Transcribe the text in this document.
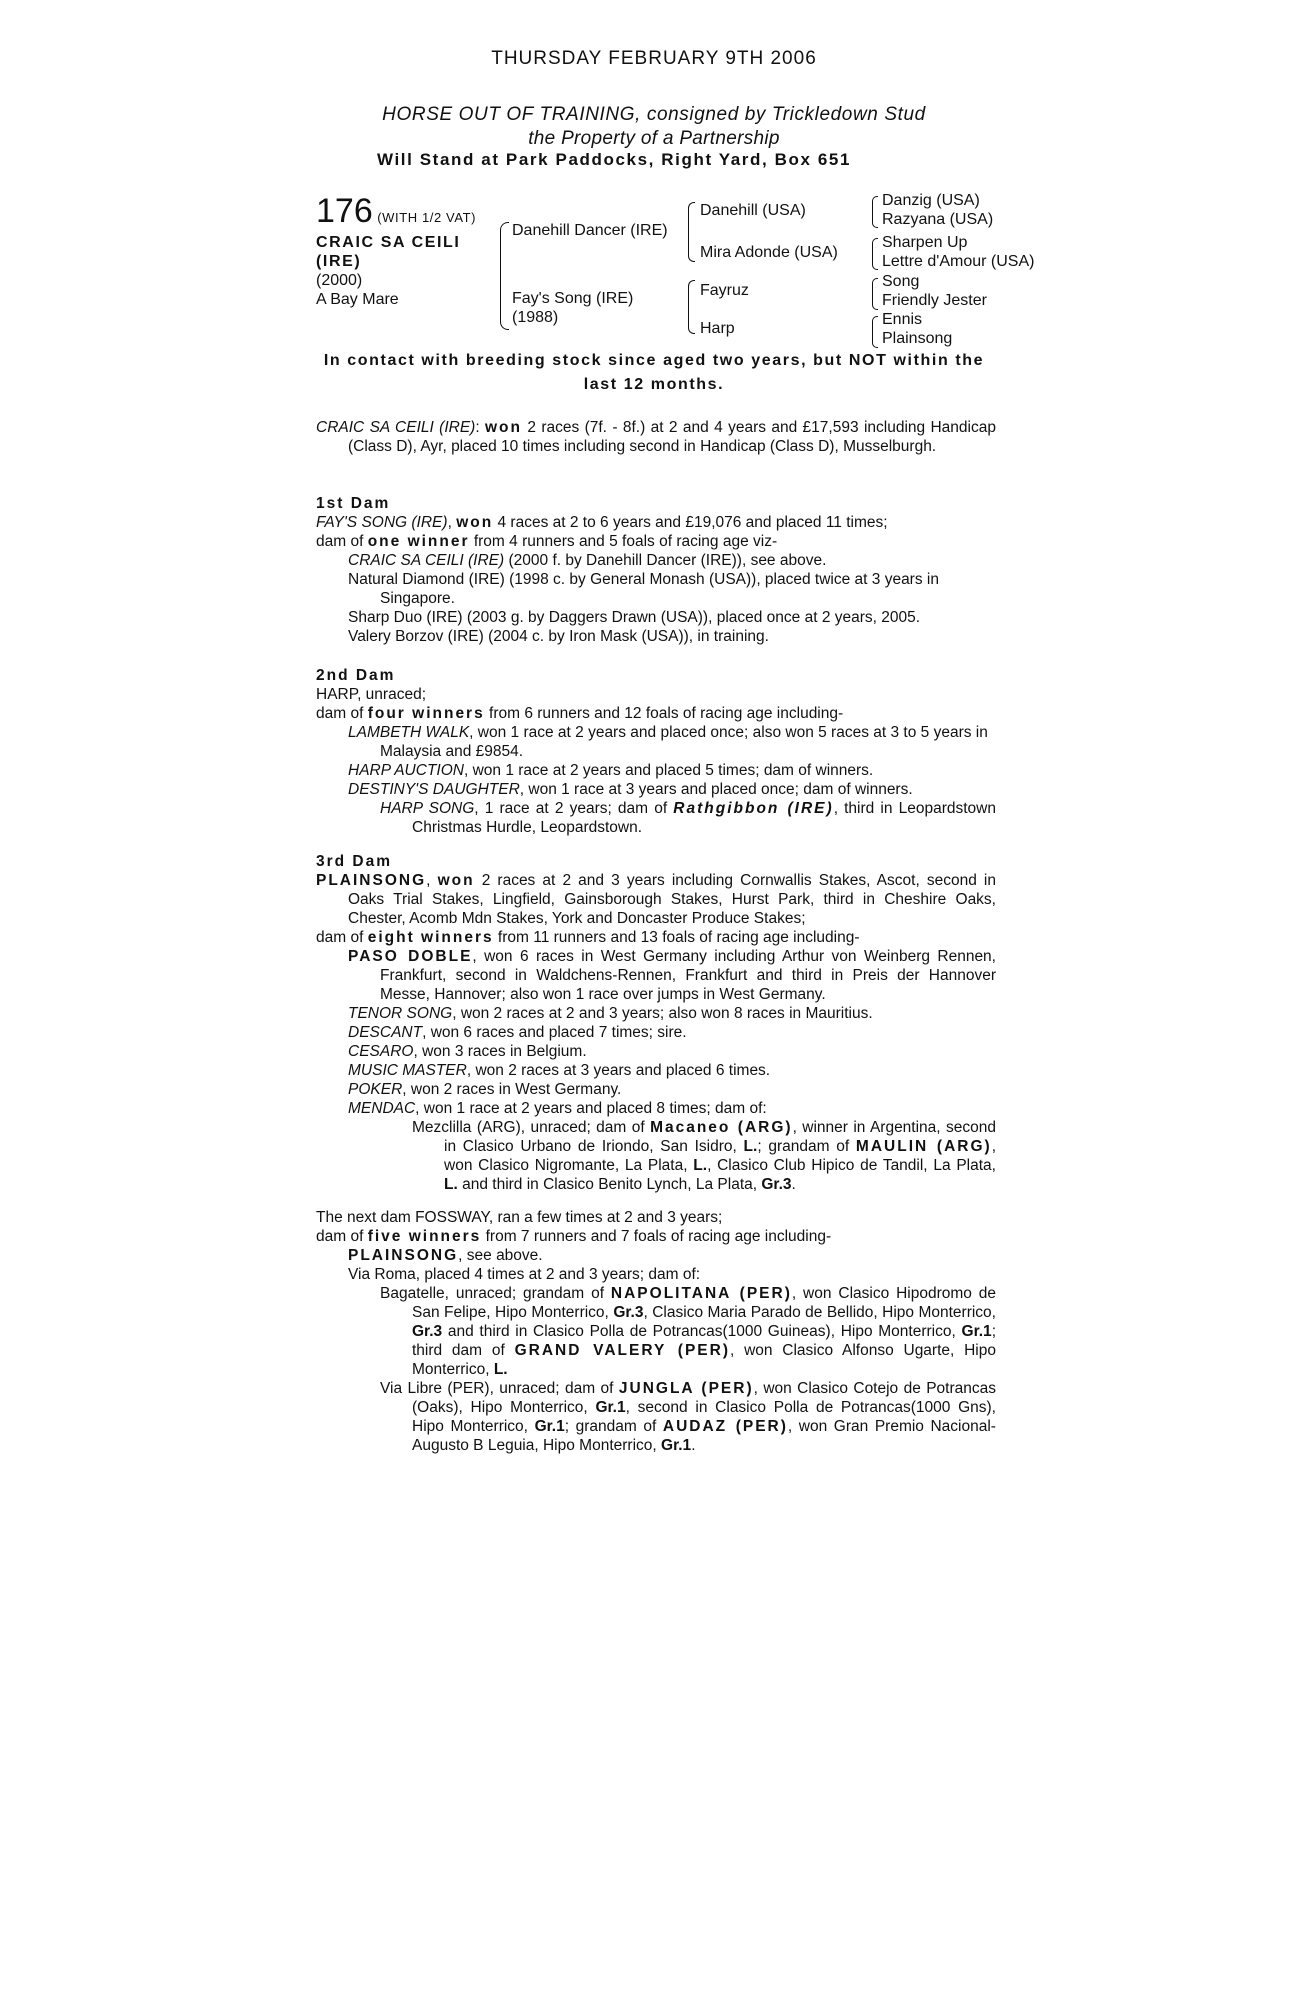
THURSDAY FEBRUARY 9TH 2006
HORSE OUT OF TRAINING, consigned by Trickledown Stud
the Property of a Partnership
Will Stand at Park Paddocks, Right Yard, Box 651
176 (WITH 1/2 VAT)
CRAIC SA CEILI
(IRE)
(2000)
A Bay Mare
Danehill Dancer (IRE)
Fay's Song (IRE)
(1988)
Danehill (USA)
Mira Adonde (USA)
Fayruz
Harp
Danzig (USA)
Razyana (USA)
Sharpen Up
Lettre d'Amour (USA)
Song
Friendly Jester
Ennis
Plainsong
In contact with breeding stock since aged two years, but NOT within the
last 12 months.

CRAIC SA CEILI (IRE): won 2 races (7f. - 8f.) at 2 and 4 years and £17,593 including Handicap (Class D), Ayr, placed 10 times including second in Handicap (Class D), Musselburgh.

1st Dam

FAY'S SONG (IRE), won 4 races at 2 to 6 years and £19,076 and placed 11 times;

dam of one winner from 4 runners and 5 foals of racing age viz-

CRAIC SA CEILI (IRE) (2000 f. by Danehill Dancer (IRE)), see above.

Natural Diamond (IRE) (1998 c. by General Monash (USA)), placed twice at 3 years in Singapore.

Sharp Duo (IRE) (2003 g. by Daggers Drawn (USA)), placed once at 2 years, 2005.

Valery Borzov (IRE) (2004 c. by Iron Mask (USA)), in training.

2nd Dam

HARP, unraced;

dam of four winners from 6 runners and 12 foals of racing age including-

LAMBETH WALK, won 1 race at 2 years and placed once; also won 5 races at 3 to 5 years in Malaysia and £9854.

HARP AUCTION, won 1 race at 2 years and placed 5 times; dam of winners.

DESTINY'S DAUGHTER, won 1 race at 3 years and placed once; dam of winners.

HARP SONG, 1 race at 2 years; dam of Rathgibbon (IRE), third in Leopardstown Christmas Hurdle, Leopardstown.

3rd Dam

PLAINSONG, won 2 races at 2 and 3 years including Cornwallis Stakes, Ascot, second in Oaks Trial Stakes, Lingfield, Gainsborough Stakes, Hurst Park, third in Cheshire Oaks, Chester, Acomb Mdn Stakes, York and Doncaster Produce Stakes;

dam of eight winners from 11 runners and 13 foals of racing age including-

PASO DOBLE, won 6 races in West Germany including Arthur von Weinberg Rennen, Frankfurt, second in Waldchens-Rennen, Frankfurt and third in Preis der Hannover Messe, Hannover; also won 1 race over jumps in West Germany.

TENOR SONG, won 2 races at 2 and 3 years; also won 8 races in Mauritius.

DESCANT, won 6 races and placed 7 times; sire.

CESARO, won 3 races in Belgium.

MUSIC MASTER, won 2 races at 3 years and placed 6 times.

POKER, won 2 races in West Germany.

MENDAC, won 1 race at 2 years and placed 8 times; dam of:

Mezclilla (ARG), unraced; dam of Macaneo (ARG), winner in Argentina, second in Clasico Urbano de Iriondo, San Isidro, L.; grandam of MAULIN (ARG), won Clasico Nigromante, La Plata, L., Clasico Club Hipico de Tandil, La Plata, L. and third in Clasico Benito Lynch, La Plata, Gr.3.

The next dam FOSSWAY, ran a few times at 2 and 3 years;

dam of five winners from 7 runners and 7 foals of racing age including-

PLAINSONG, see above.

Via Roma, placed 4 times at 2 and 3 years; dam of:

Bagatelle, unraced; grandam of NAPOLITANA (PER), won Clasico Hipodromo de San Felipe, Hipo Monterrico, Gr.3, Clasico Maria Parado de Bellido, Hipo Monterrico, Gr.3 and third in Clasico Polla de Potrancas(1000 Guineas), Hipo Monterrico, Gr.1; third dam of GRAND VALERY (PER), won Clasico Alfonso Ugarte, Hipo Monterrico, L.

Via Libre (PER), unraced; dam of JUNGLA (PER), won Clasico Cotejo de Potrancas (Oaks), Hipo Monterrico, Gr.1, second in Clasico Polla de Potrancas(1000 Gns), Hipo Monterrico, Gr.1; grandam of AUDAZ (PER), won Gran Premio Nacional-Augusto B Leguia, Hipo Monterrico, Gr.1.
